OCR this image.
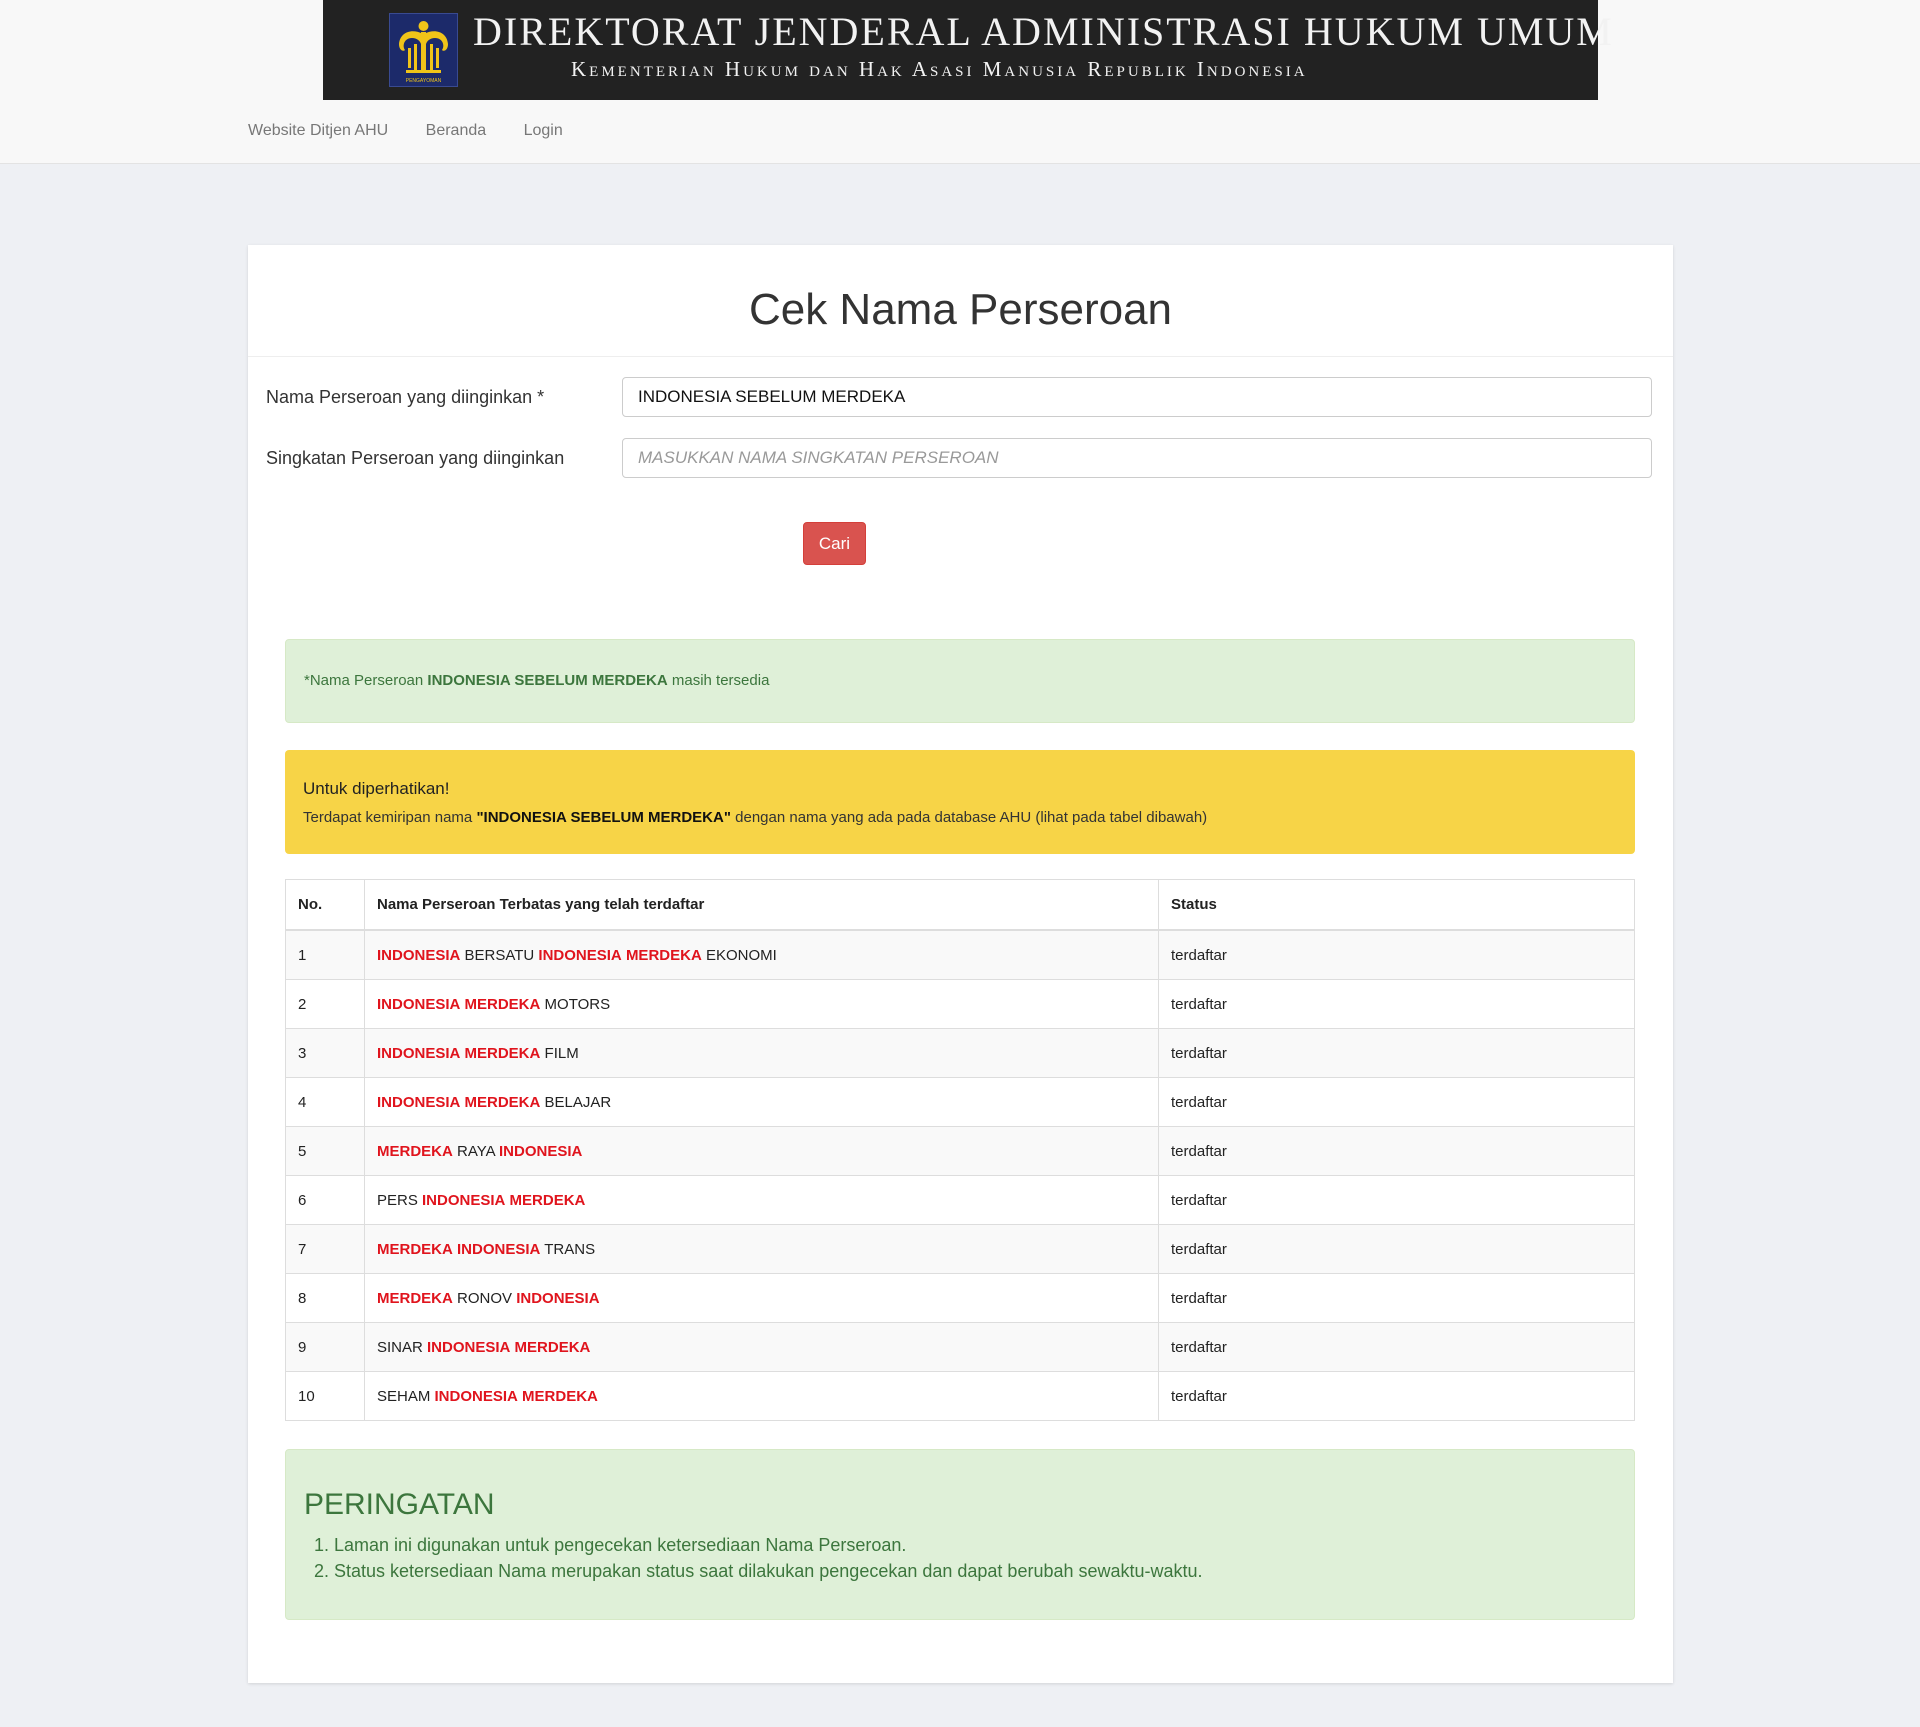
PENGAYOMAN
DIREKTORAT JENDERAL ADMINISTRASI HUKUM UMUM
Kementerian Hukum dan Hak Asasi Manusia Republik Indonesia
Website Ditjen AHU Beranda Login
Cek Nama Perseroan
Nama Perseroan yang diinginkan *
INDONESIA SEBELUM MERDEKA
Singkatan Perseroan yang diinginkan
MASUKKAN NAMA SINGKATAN PERSEROAN
Cari
*Nama Perseroan INDONESIA SEBELUM MERDEKA masih tersedia
Untuk diperhatikan!
Terdapat kemiripan nama "INDONESIA SEBELUM MERDEKA" dengan nama yang ada pada database AHU (lihat pada tabel dibawah)
No.	Nama Perseroan Terbatas yang telah terdaftar	Status
1	INDONESIA BERSATU INDONESIA MERDEKA EKONOMI	terdaftar
2	INDONESIA MERDEKA MOTORS	terdaftar
3	INDONESIA MERDEKA FILM	terdaftar
4	INDONESIA MERDEKA BELAJAR	terdaftar
5	MERDEKA RAYA INDONESIA	terdaftar
6	PERS INDONESIA MERDEKA	terdaftar
7	MERDEKA INDONESIA TRANS	terdaftar
8	MERDEKA RONOV INDONESIA	terdaftar
9	SINAR INDONESIA MERDEKA	terdaftar
10	SEHAM INDONESIA MERDEKA	terdaftar
PERINGATAN
1. Laman ini digunakan untuk pengecekan ketersediaan Nama Perseroan.
2. Status ketersediaan Nama merupakan status saat dilakukan pengecekan dan dapat berubah sewaktu-waktu.
